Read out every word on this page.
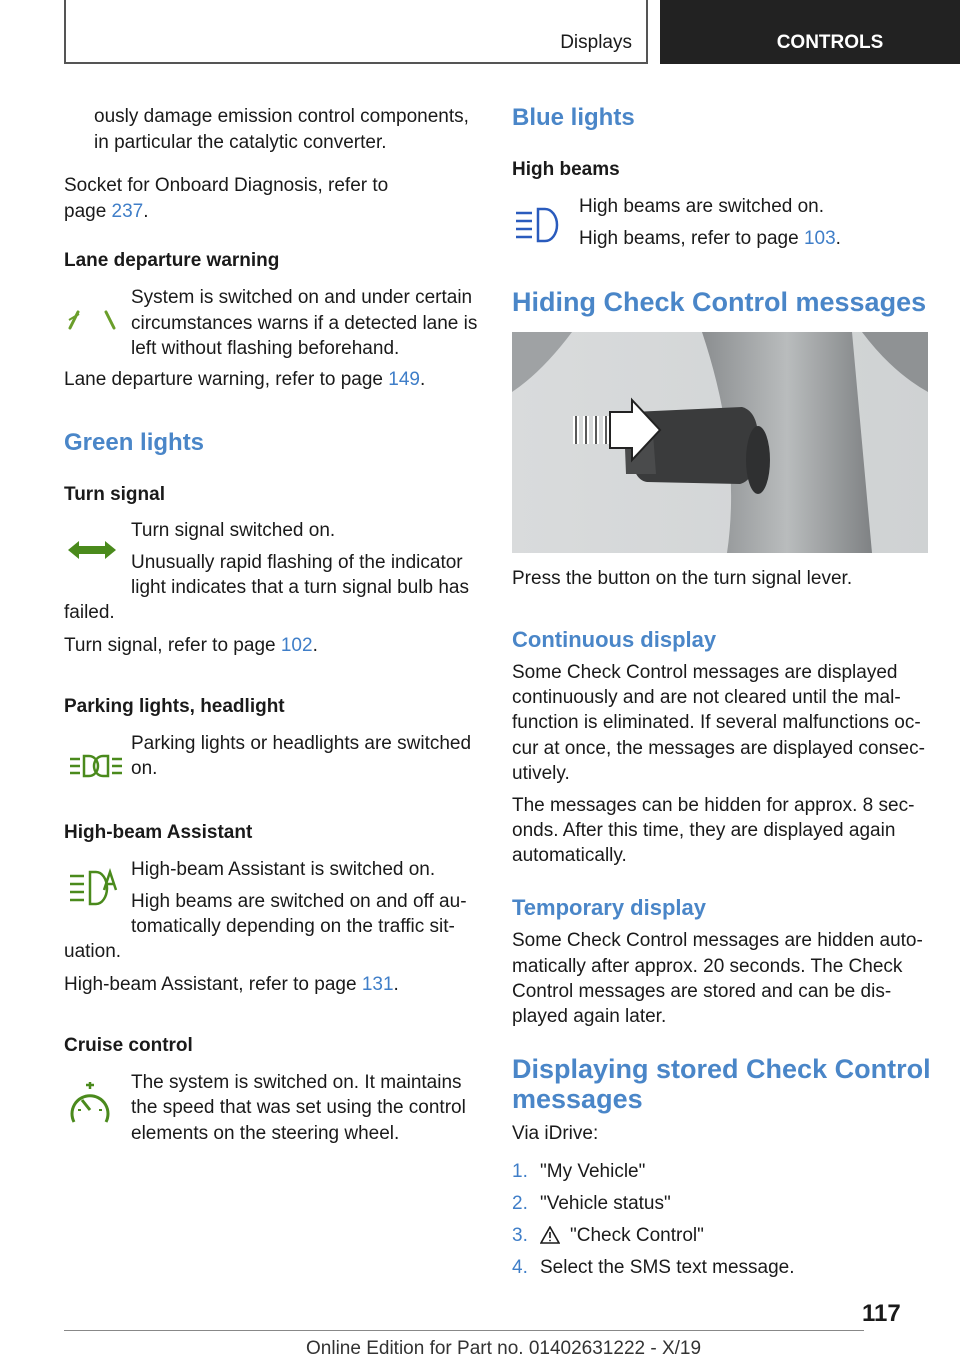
Displays	CONTROLS
ously damage emission control components,
in particular the catalytic converter.
Socket for Onboard Diagnosis, refer to
page 237.
Lane departure warning
System is switched on and under certain
circumstances warns if a detected lane is
left without flashing beforehand.
Lane departure warning, refer to page 149.
Green lights
Turn signal
Turn signal switched on.
Unusually rapid flashing of the indicator
light indicates that a turn signal bulb has
failed.
Turn signal, refer to page 102.
Parking lights, headlight
Parking lights or headlights are switched
on.
High-beam Assistant
High-beam Assistant is switched on.
High beams are switched on and off au-
tomatically depending on the traffic sit-
uation.
High-beam Assistant, refer to page 131.
Cruise control
The system is switched on. It maintains
the speed that was set using the control
elements on the steering wheel.
Blue lights
High beams
High beams are switched on.
High beams, refer to page 103.
Hiding Check Control messages
Press the button on the turn signal lever.
Continuous display
Some Check Control messages are displayed
continuously and are not cleared until the mal-
function is eliminated. If several malfunctions oc-
cur at once, the messages are displayed consec-
utively.
The messages can be hidden for approx. 8 sec-
onds. After this time, they are displayed again
automatically.
Temporary display
Some Check Control messages are hidden auto-
matically after approx. 20 seconds. The Check
Control messages are stored and can be dis-
played again later.
Displaying stored Check Control
messages
Via iDrive:
1. "My Vehicle"
2. "Vehicle status"
3. "Check Control"
4. Select the SMS text message.
117
Online Edition for Part no. 01402631222 - X/19
